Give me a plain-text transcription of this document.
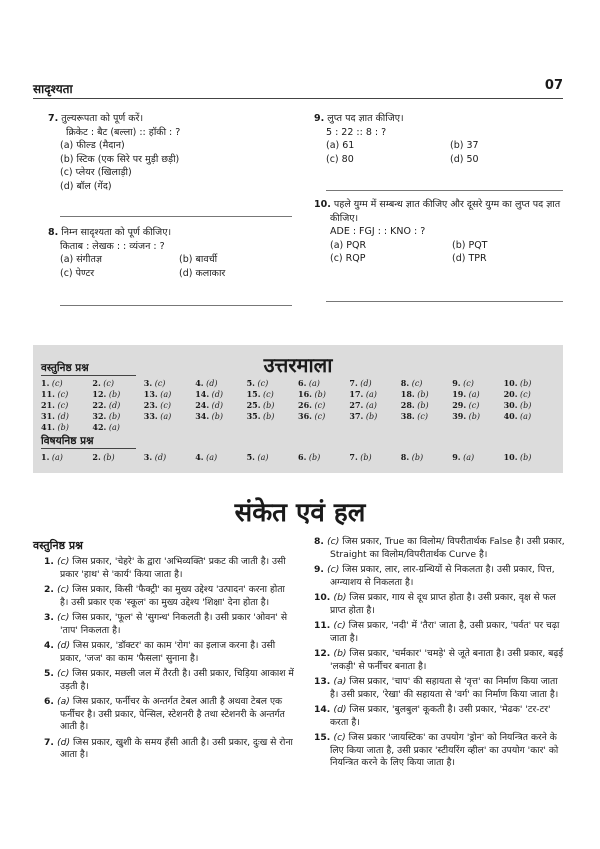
सादृश्यता	07
7. तुल्यरूपता को पूर्ण करें।
क्रिकेट : बैट (बल्ला) :: हॉकी : ?
(a) फील्ड (मैदान)
(b) स्टिक (एक सिरे पर मुड़ी छड़ी)
(c) प्लेयर (खिलाड़ी)
(d) बॉल (गेंद)
8. निम्न सादृश्यता को पूर्ण कीजिए।
किताब : लेखक : : व्यंजन : ?
(a) संगीतज्ञ	(b) बावर्ची
(c) पेण्टर	(d) कलाकार
9. लुप्त पद ज्ञात कीजिए।
5 : 22 :: 8 : ?
(a) 61	(b) 37
(c) 80	(d) 50
10. पहले युग्म में सम्बन्ध ज्ञात कीजिए और दूसरे युग्म का लुप्त पद ज्ञात कीजिए।
ADE : FGJ : : KNO : ?
(a) PQR	(b) PQT
(c) RQP	(d) TPR
उत्तरमाला
वस्तुनिष्ठ प्रश्न
1. (c)	2. (c)	3. (c)	4. (d)	5. (c)	6. (a)	7. (d)	8. (c)	9. (c)	10. (b)
11. (c)	12. (b)	13. (a)	14. (d)	15. (c)	16. (b)	17. (a)	18. (b)	19. (a)	20. (c)
21. (c)	22. (d)	23. (c)	24. (d)	25. (b)	26. (c)	27. (a)	28. (b)	29. (c)	30. (b)
31. (d)	32. (b)	33. (a)	34. (b)	35. (b)	36. (c)	37. (b)	38. (c)	39. (b)	40. (a)
41. (b)	42. (a)
विषयनिष्ठ प्रश्न
1. (a)	2. (b)	3. (d)	4. (a)	5. (a)	6. (b)	7. (b)	8. (b)	9. (a)	10. (b)
संकेत एवं हल
वस्तुनिष्ठ प्रश्न
1. (c) जिस प्रकार, 'चेहरे' के द्वारा 'अभिव्यक्ति' प्रकट की जाती है। उसी प्रकार 'हाथ' से 'कार्य' किया जाता है।
2. (c) जिस प्रकार, किसी 'फैक्ट्री' का मुख्य उद्देश्य 'उत्पादन' करना होता है। उसी प्रकार एक 'स्कूल' का मुख्य उद्देश्य 'शिक्षा' देना होता है।
3. (c) जिस प्रकार, 'फूल' से 'सुगन्ध' निकलती है। उसी प्रकार 'ओवन' से 'ताप' निकलता है।
4. (d) जिस प्रकार, 'डॉक्टर' का काम 'रोग' का इलाज करना है। उसी प्रकार, 'जज' का काम 'फैसला' सुनाना है।
5. (c) जिस प्रकार, मछली जल में तैरती है। उसी प्रकार, चिड़िया आकाश में उड़ती है।
6. (a) जिस प्रकार, फर्नीचर के अन्तर्गत टेबल आती है अथवा टेबल एक फर्नीचर है। उसी प्रकार, पेन्सिल, स्टेशनरी है तथा स्टेशनरी के अन्तर्गत आती है।
7. (d) जिस प्रकार, खुशी के समय हँसी आती है। उसी प्रकार, दुःख से रोना आता है।
8. (c) जिस प्रकार, True का विलोम/ विपरीतार्थक False है। उसी प्रकार, Straight का विलोम/विपरीतार्थक Curve है।
9. (c) जिस प्रकार, लार, लार-ग्रन्थियों से निकलता है। उसी प्रकार, पित्त, अग्न्याशय से निकलता है।
10. (b) जिस प्रकार, गाय से दूध प्राप्त होता है। उसी प्रकार, वृक्ष से फल प्राप्त होता है।
11. (c) जिस प्रकार, 'नदी' में 'तैरा' जाता है, उसी प्रकार, 'पर्वत' पर चढ़ा जाता है।
12. (b) जिस प्रकार, 'चर्मकार' 'चमड़े' से जूते बनाता है। उसी प्रकार, बढ़ई 'लकड़ी' से फर्नीचर बनाता है।
13. (a) जिस प्रकार, 'चाप' की सहायता से 'वृत्त' का निर्माण किया जाता है। उसी प्रकार, 'रेखा' की सहायता से 'वर्ग' का निर्माण किया जाता है।
14. (d) जिस प्रकार, 'बुलबुल' कूकती है। उसी प्रकार, 'मेढक' 'टर-टर' करता है।
15. (c) जिस प्रकार 'जायस्टिक' का उपयोग 'ड्रोन' को नियन्त्रित करने के लिए किया जाता है, उसी प्रकार 'स्टीयरिंग व्हील' का उपयोग 'कार' को नियन्त्रित करने के लिए किया जाता है।
